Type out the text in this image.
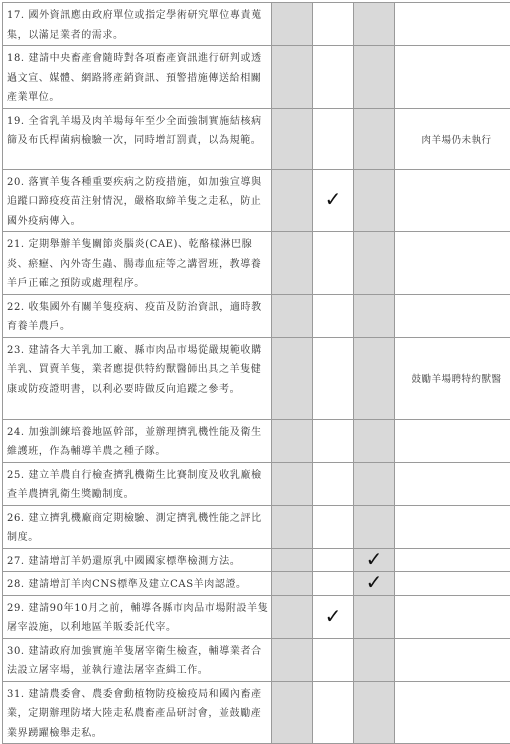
17. 國外資訊應由政府單位或指定學術研究單位專責蒐集，以滿足業者的需求。				

18. 建請中央畜產會隨時對各項畜產資訊進行研判或透過文宣、媒體、網路將產銷資訊、預警措施傳送給相關產業單位。				

19. 全省乳羊場及肉羊場每年至少全面強制實施結核病篩及布氏桿菌病檢驗一次，同時增訂罰責，以為規範。				肉羊場仍未執行

20. 落實羊隻各種重要疾病之防疫措施，如加強宣導與追蹤口蹄疫疫苗注射情況，嚴格取締羊隻之走私，防止國外疫病傳入。		✓		

21. 定期舉辦羊隻關節炎腦炎(CAE)、乾酪樣淋巴腺炎、瘀癧、內外寄生蟲、腸毒血症等之講習班，教導養羊戶正確之預防或處理程序。				

22. 收集國外有關羊隻疫病、疫苗及防治資訊，適時教育養羊農戶。				

23. 建請各大羊乳加工廠、縣市肉品市場從嚴規範收購羊乳、買賣羊隻，業者應提供特約獸醫師出具之羊隻健康或防疫證明書，以利必要時做反向追蹤之參考。				鼓勵羊場聘特約獸醫

24. 加強訓練培養地區幹部，並辦理擠乳機性能及衛生維護班，作為輔導羊農之種子隊。				

25. 建立羊農自行檢查擠乳機衛生比賽制度及收乳廠檢查羊農擠乳衛生獎勵制度。				

26. 建立擠乳機廠商定期檢驗、測定擠乳機性能之評比制度。				

27. 建請增訂羊奶還原乳中國國家標準檢測方法。			✓	

28. 建請增訂羊肉CNS標準及建立CAS羊肉認證。			✓	

29. 建請90年10月之前，輔導各縣市肉品市場附設羊隻屠宰設施，以利地區羊販委託代宰。		✓		

30. 建請政府加強實施羊隻屠宰衛生檢查，輔導業者合法設立屠宰場，並執行違法屠宰查緝工作。				

31. 建請農委會、農委會動植物防疫檢疫局和國內畜產業，定期辦理防堵大陸走私農畜產品研討會，並鼓勵產業界踴躍檢舉走私。				
